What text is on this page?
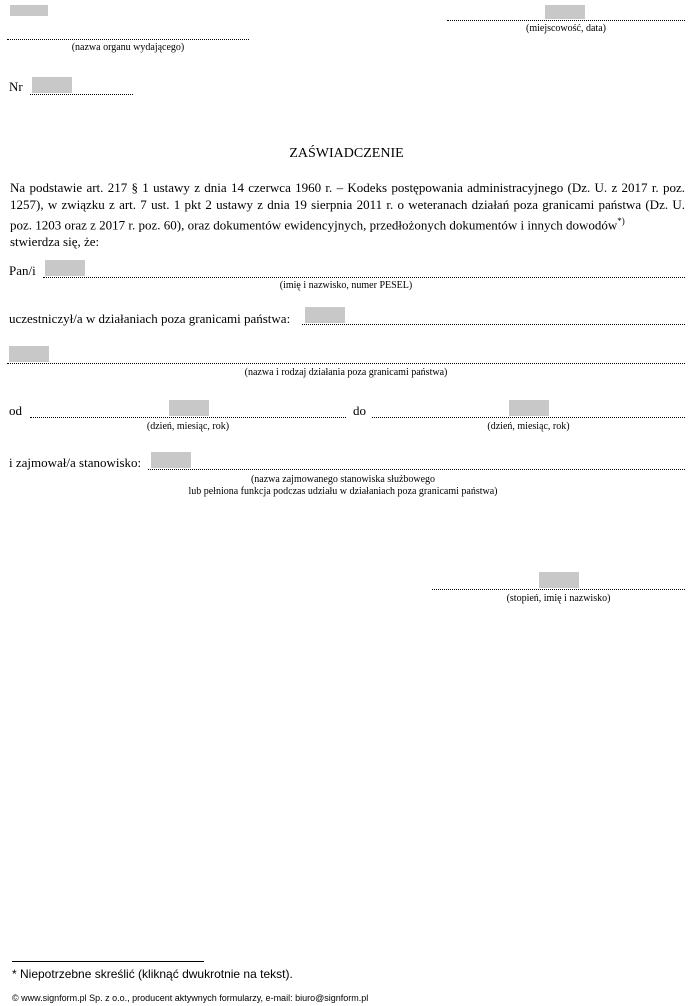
(nazwa organu wydającego)
(miejscowość, data)
Nr
ZAŚWIADCZENIE
Na podstawie art. 217 § 1 ustawy z dnia 14 czerwca 1960 r. – Kodeks postępowania administracyjnego (Dz. U. z 2017 r. poz. 1257), w związku z art. 7 ust. 1 pkt 2 ustawy z dnia 19 sierpnia 2011 r. o weteranach działań poza granicami państwa (Dz. U. poz. 1203 oraz z 2017 r. poz. 60), oraz dokumentów ewidencyjnych, przedłożonych dokumentów i innych dowodów*)
stwierdza się, że:
Pan/i
(imię i nazwisko, numer PESEL)
uczestniczył/a w działaniach poza granicami państwa:
(nazwa i rodzaj działania poza granicami państwa)
od
(dzień, miesiąc, rok)
do
(dzień, miesiąc, rok)
i zajmował/a stanowisko:
(nazwa zajmowanego stanowiska służbowego
lub pełniona funkcja podczas udziału w działaniach poza granicami państwa)
(stopień, imię i nazwisko)
* Niepotrzebne skreślić (kliknąć dwukrotnie na tekst).
© www.signform.pl Sp. z o.o., producent aktywnych formularzy, e-mail: biuro@signform.pl
